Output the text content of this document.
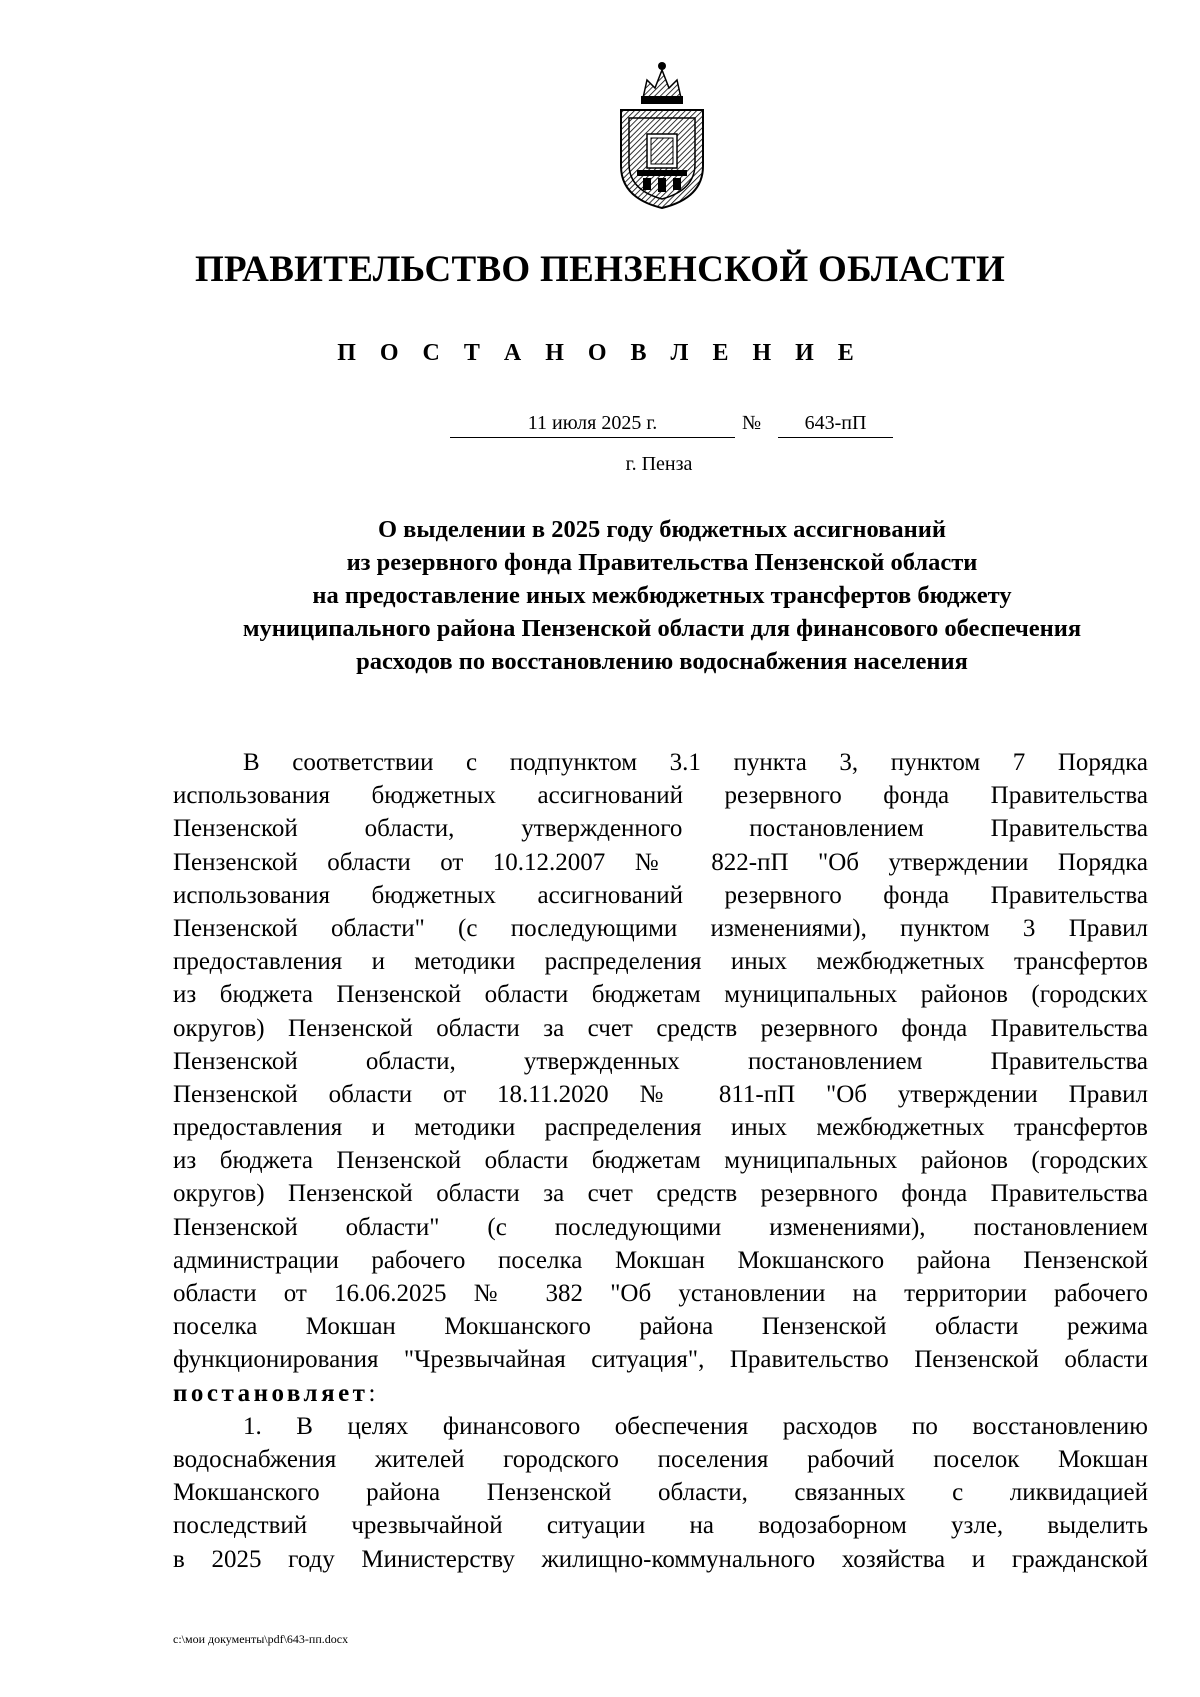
ПРАВИТЕЛЬСТВО ПЕНЗЕНСКОЙ ОБЛАСТИ
П О С Т А Н О В Л Е Н И Е
11 июля 2025 г.	№	643-пП
г. Пенза
О выделении в 2025 году бюджетных ассигнований
из резервного фонда Правительства Пензенской области
на предоставление иных межбюджетных трансфертов бюджету
муниципального района Пензенской области для финансового обеспечения
расходов по восстановлению водоснабжения населения
В соответствии с подпунктом 3.1 пункта 3, пунктом 7 Порядка
использования бюджетных ассигнований резервного фонда Правительства
Пензенской области, утвержденного постановлением Правительства
Пензенской области от 10.12.2007 № 822-пП "Об утверждении Порядка
использования бюджетных ассигнований резервного фонда Правительства
Пензенской области" (с последующими изменениями), пунктом 3 Правил
предоставления и методики распределения иных межбюджетных трансфертов
из бюджета Пензенской области бюджетам муниципальных районов (городских
округов) Пензенской области за счет средств резервного фонда Правительства
Пензенской области, утвержденных постановлением Правительства
Пензенской области от 18.11.2020 № 811-пП "Об утверждении Правил
предоставления и методики распределения иных межбюджетных трансфертов
из бюджета Пензенской области бюджетам муниципальных районов (городских
округов) Пензенской области за счет средств резервного фонда Правительства
Пензенской области" (с последующими изменениями), постановлением
администрации рабочего поселка Мокшан Мокшанского района Пензенской
области от 16.06.2025 № 382 "Об установлении на территории рабочего
поселка Мокшан Мокшанского района Пензенской области режима
функционирования "Чрезвычайная ситуация", Правительство Пензенской области
постановляет:
1. В целях финансового обеспечения расходов по восстановлению
водоснабжения жителей городского поселения рабочий поселок Мокшан
Мокшанского района Пензенской области, связанных с ликвидацией
последствий чрезвычайной ситуации на водозаборном узле, выделить
в 2025 году Министерству жилищно-коммунального хозяйства и гражданской
c:\мои документы\pdf\643-пп.docx
